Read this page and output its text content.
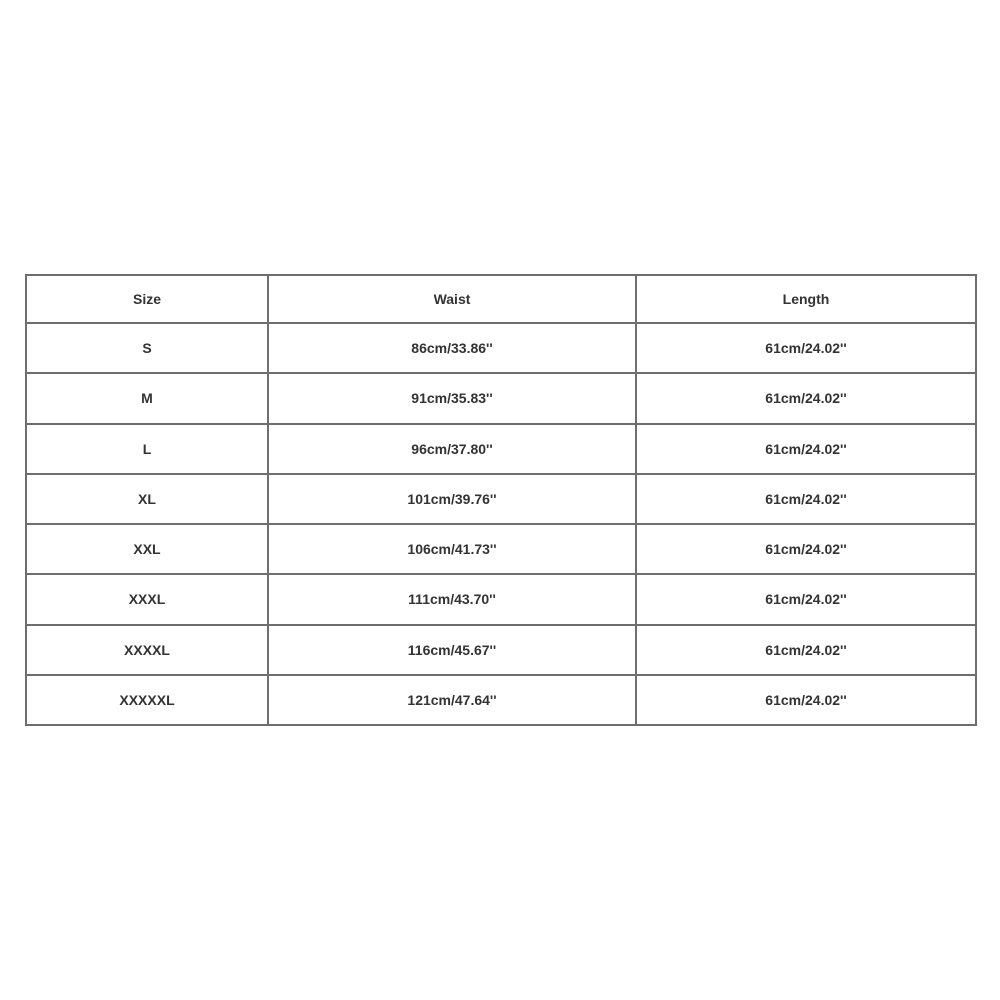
Size	Waist	Length
S	86cm/33.86''	61cm/24.02''
M	91cm/35.83''	61cm/24.02''
L	96cm/37.80''	61cm/24.02''
XL	101cm/39.76''	61cm/24.02''
XXL	106cm/41.73''	61cm/24.02''
XXXL	111cm/43.70''	61cm/24.02''
XXXXL	116cm/45.67''	61cm/24.02''
XXXXXL	121cm/47.64''	61cm/24.02''
